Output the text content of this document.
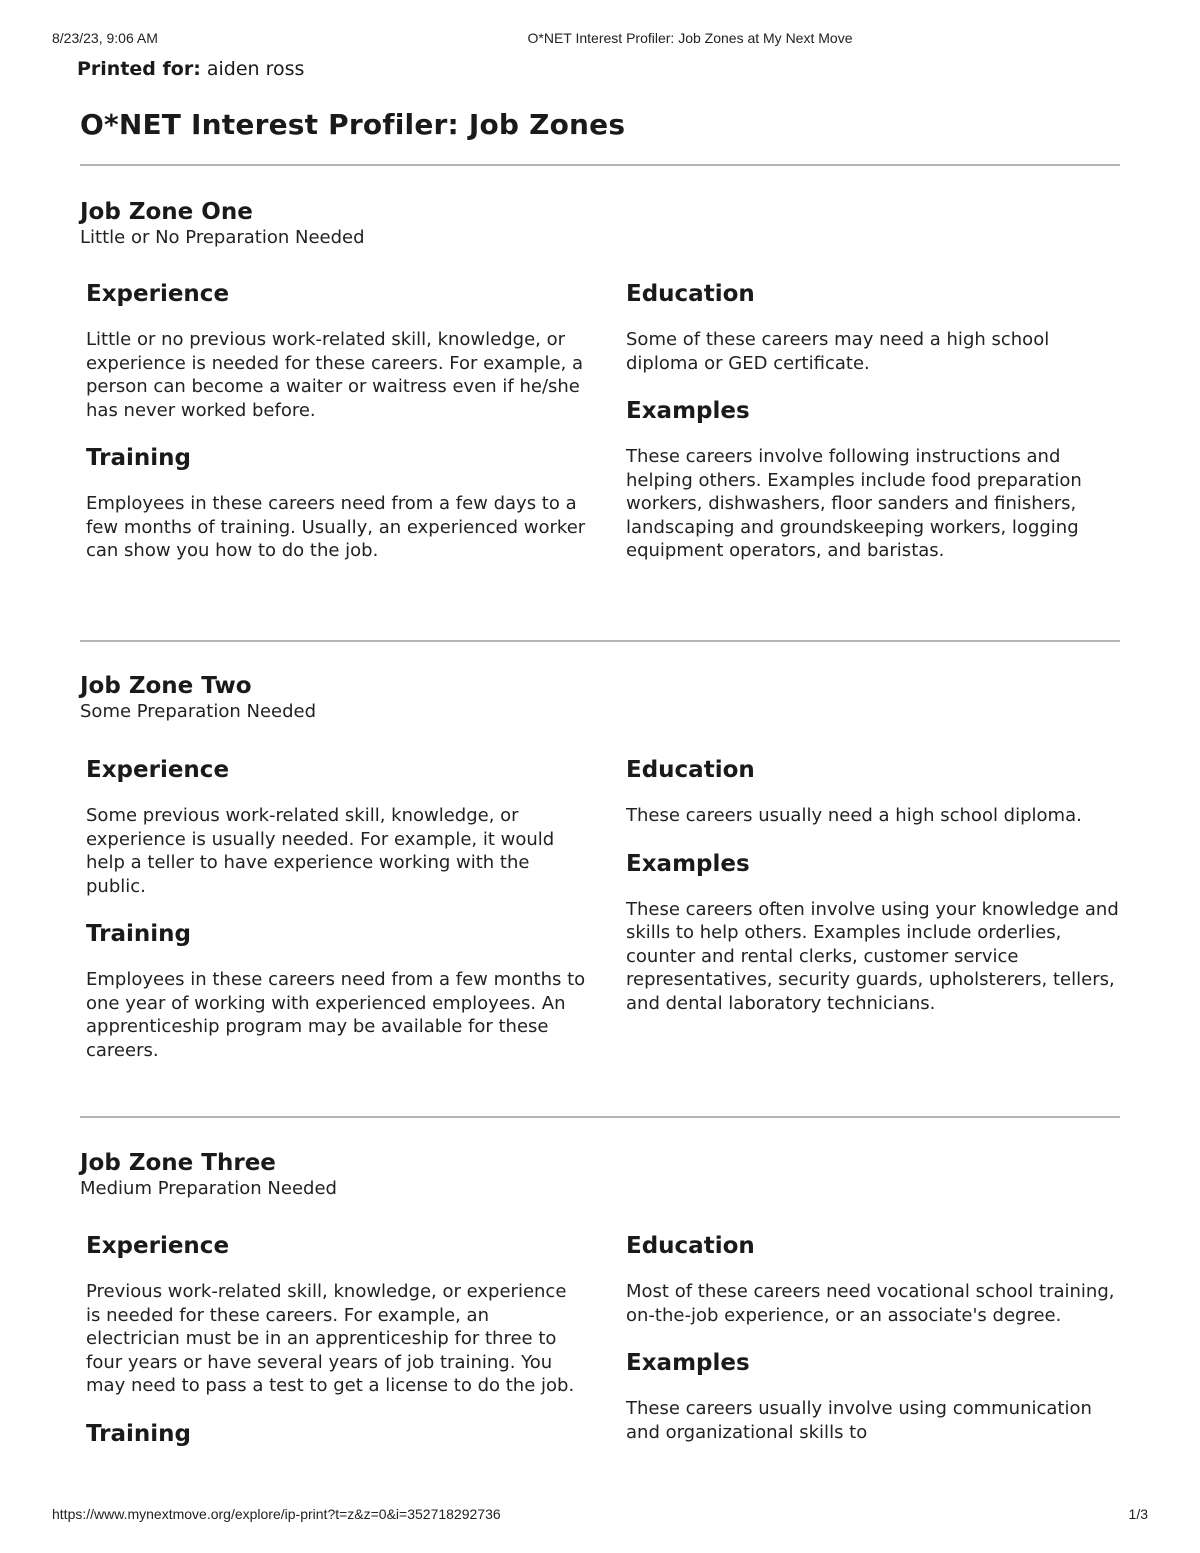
8/23/23, 9:06 AM	O*NET Interest Profiler: Job Zones at My Next Move
Printed for: aiden ross
O*NET Interest Profiler: Job Zones
Job Zone One
Little or No Preparation Needed
Experience

Little or no previous work-related skill, knowledge, or experience is needed for these careers. For example, a person can become a waiter or waitress even if he/she has never worked before.

Training

Employees in these careers need from a few days to a few months of training. Usually, an experienced worker can show you how to do the job.

Education

Some of these careers may need a high school diploma or GED certificate.

Examples

These careers involve following instructions and helping others. Examples include food preparation workers, dishwashers, floor sanders and finishers, landscaping and groundskeeping workers, logging equipment operators, and baristas.

Job Zone Two
Some Preparation Needed
Experience

Some previous work-related skill, knowledge, or experience is usually needed. For example, it would help a teller to have experience working with the public.

Training

Employees in these careers need from a few months to one year of working with experienced employees. An apprenticeship program may be available for these careers.

Education

These careers usually need a high school diploma.

Examples

These careers often involve using your knowledge and skills to help others. Examples include orderlies, counter and rental clerks, customer service representatives, security guards, upholsterers, tellers, and dental laboratory technicians.

Job Zone Three
Medium Preparation Needed
Experience

Previous work-related skill, knowledge, or experience is needed for these careers. For example, an electrician must be in an apprenticeship for three to four years or have several years of job training. You may need to pass a test to get a license to do the job.

Training
Education

Most of these careers need vocational school training, on-the-job experience, or an associate's degree.

Examples

These careers usually involve using communication and organizational skills to

https://www.mynextmove.org/explore/ip-print?t=z&z=0&i=352718292736	1/3
